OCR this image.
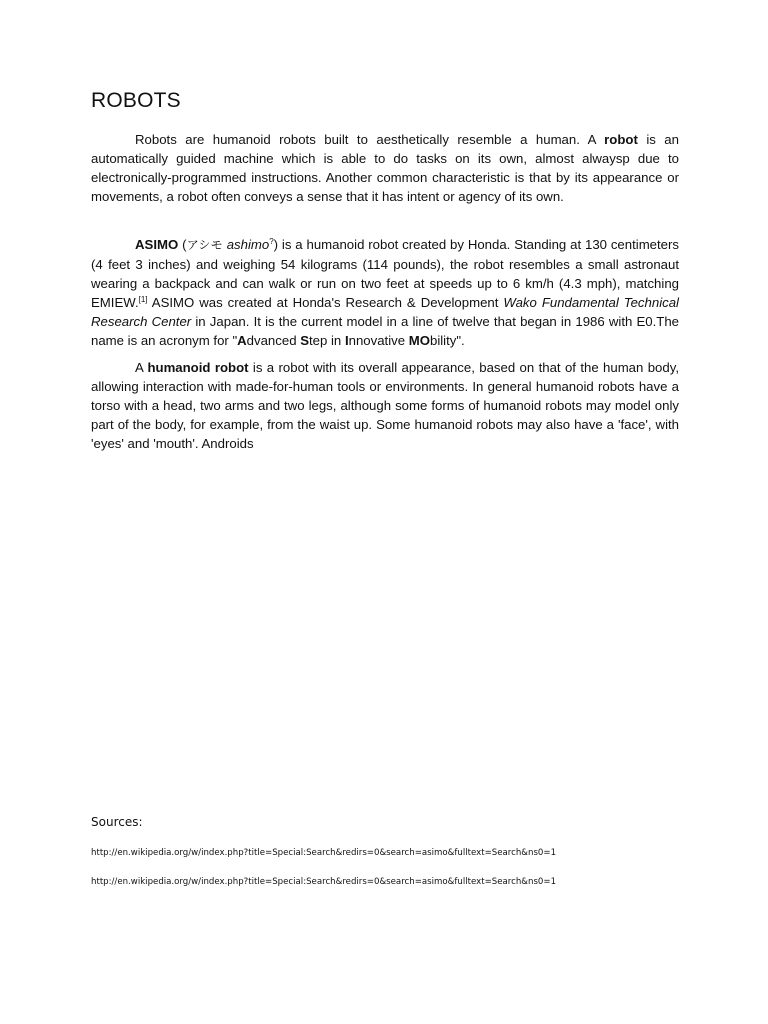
ROBOTS

Robots are humanoid robots built to aesthetically resemble a human. A robot is an automatically guided machine which is able to do tasks on its own, almost alwaysp due to electronically-programmed instructions. Another common characteristic is that by its appearance or movements, a robot often conveys a sense that it has intent or agency of its own.

ASIMO (アシモ ashimo?) is a humanoid robot created by Honda. Standing at 130 centimeters (4 feet 3 inches) and weighing 54 kilograms (114 pounds), the robot resembles a small astronaut wearing a backpack and can walk or run on two feet at speeds up to 6 km/h (4.3 mph), matching EMIEW.[1] ASIMO was created at Honda's Research & Development Wako Fundamental Technical Research Center in Japan. It is the current model in a line of twelve that began in 1986 with E0.The name is an acronym for "Advanced Step in Innovative MObility".

A humanoid robot is a robot with its overall appearance, based on that of the human body, allowing interaction with made-for-human tools or environments. In general humanoid robots have a torso with a head, two arms and two legs, although some forms of humanoid robots may model only part of the body, for example, from the waist up. Some humanoid robots may also have a 'face', with 'eyes' and 'mouth'. Androids

Sources:
http://en.wikipedia.org/w/index.php?title=Special:Search&redirs=0&search=asimo&fulltext=Search&ns0=1
http://en.wikipedia.org/w/index.php?title=Special:Search&redirs=0&search=asimo&fulltext=Search&ns0=1
